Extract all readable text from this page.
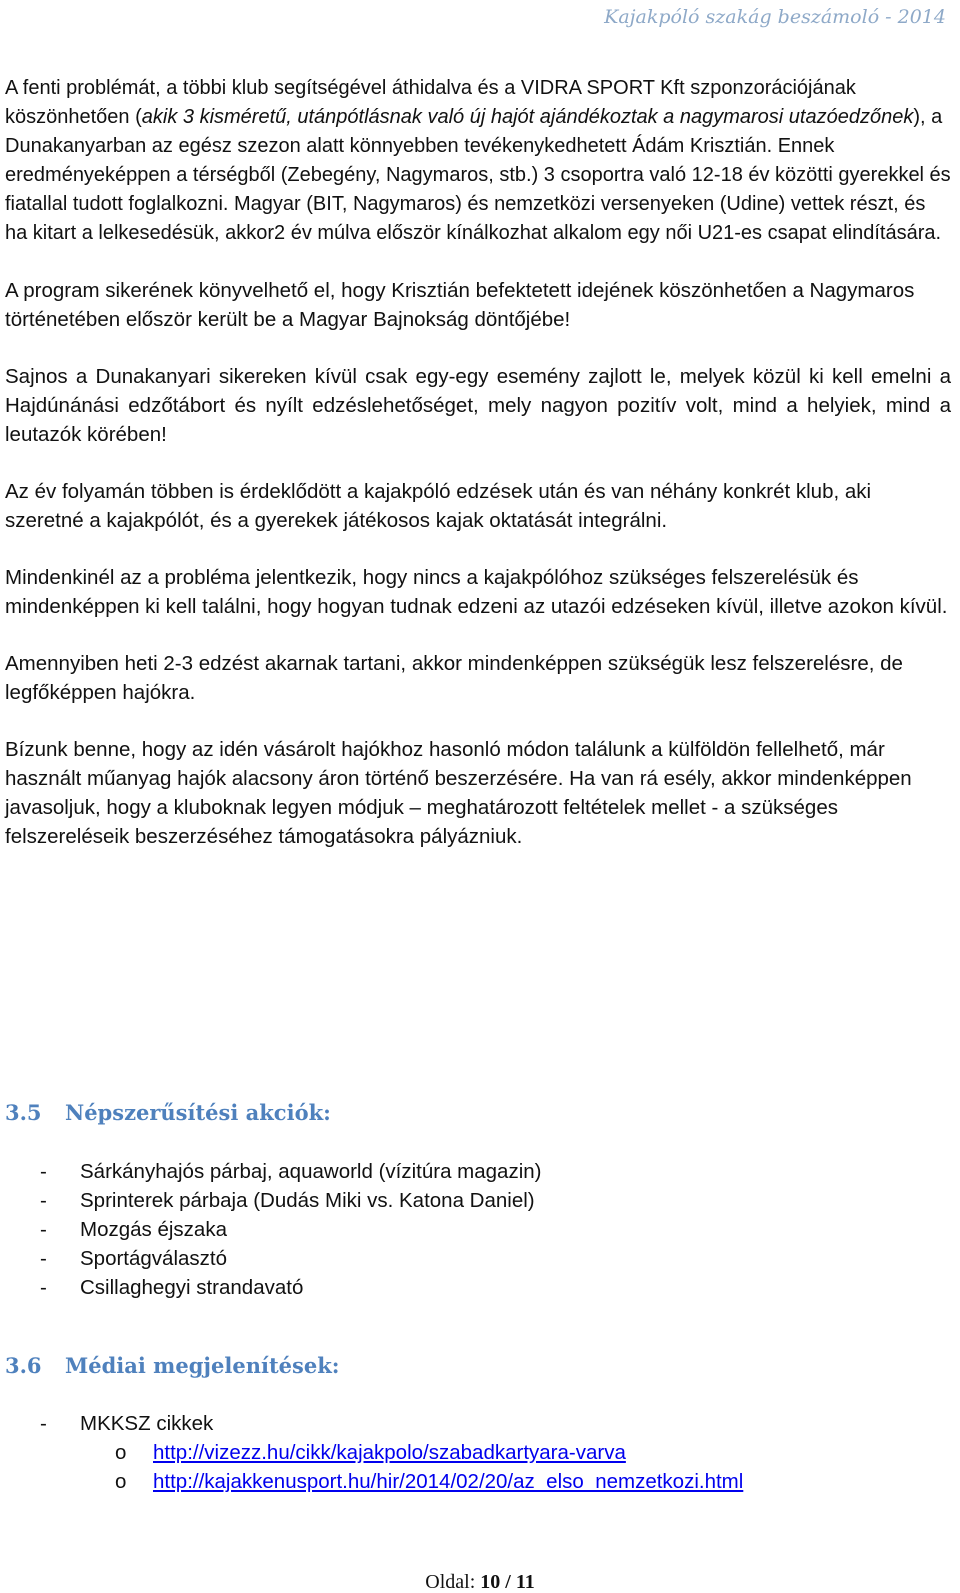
Kajakpóló szakág beszámoló - 2014

A fenti problémát, a többi klub segítségével áthidalva és a VIDRA SPORT Kft szponzorációjának köszönhetően (akik 3 kisméretű, utánpótlásnak való új hajót ajándékoztak a nagymarosi utazóedzőnek), a Dunakanyarban az egész szezon alatt könnyebben tevékenykedhetett Ádám Krisztián. Ennek eredményeképpen a térségből (Zebegény, Nagymaros, stb.) 3 csoportra való 12-18 év közötti gyerekkel és fiatallal tudott foglalkozni. Magyar (BIT, Nagymaros) és nemzetközi versenyeken (Udine) vettek részt, és ha kitart a lelkesedésük, akkor2 év múlva először kínálkozhat alkalom egy női U21-es csapat elindítására.

A program sikerének könyvelhető el, hogy Krisztián befektetett idejének köszönhetően a Nagymaros történetében először került be a Magyar Bajnokság döntőjébe!

Sajnos a Dunakanyari sikereken kívül csak egy-egy esemény zajlott le, melyek közül ki kell emelni a Hajdúnánási edzőtábort és nyílt edzéslehetőséget, mely nagyon pozitív volt, mind a helyiek, mind a leutazók körében!

Az év folyamán többen is érdeklődött a kajakpóló edzések után és van néhány konkrét klub, aki szeretné a kajakpólót, és a gyerekek játékosos kajak oktatását integrálni.

Mindenkinél az a probléma jelentkezik, hogy nincs a kajakpólóhoz szükséges felszerelésük és mindenképpen ki kell találni, hogy hogyan tudnak edzeni az utazói edzéseken kívül, illetve azokon kívül.

Amennyiben heti 2-3 edzést akarnak tartani, akkor mindenképpen szükségük lesz felszerelésre, de legfőképpen hajókra.

Bízunk benne, hogy az idén vásárolt hajókhoz hasonló módon találunk a külföldön fellelhető, már használt műanyag hajók alacsony áron történő beszerzésére. Ha van rá esély, akkor mindenképpen javasoljuk, hogy a kluboknak legyen módjuk – meghatározott feltételek mellet - a szükséges felszereléseik beszerzéséhez támogatásokra pályázniuk.

3.5 Népszerűsítési akciók:
- Sárkányhajós párbaj, aquaworld (vízitúra magazin)
- Sprinterek párbaja (Dudás Miki vs. Katona Daniel)
- Mozgás éjszaka
- Sportágválasztó
- Csillaghegyi strandavató
3.6 Médiai megjelenítések:
- MKKSZ cikkek
o http://vizezz.hu/cikk/kajakpolo/szabadkartyara-varva
o http://kajakkenusport.hu/hir/2014/02/20/az_elso_nemzetkozi.html
Oldal: 10 / 11
